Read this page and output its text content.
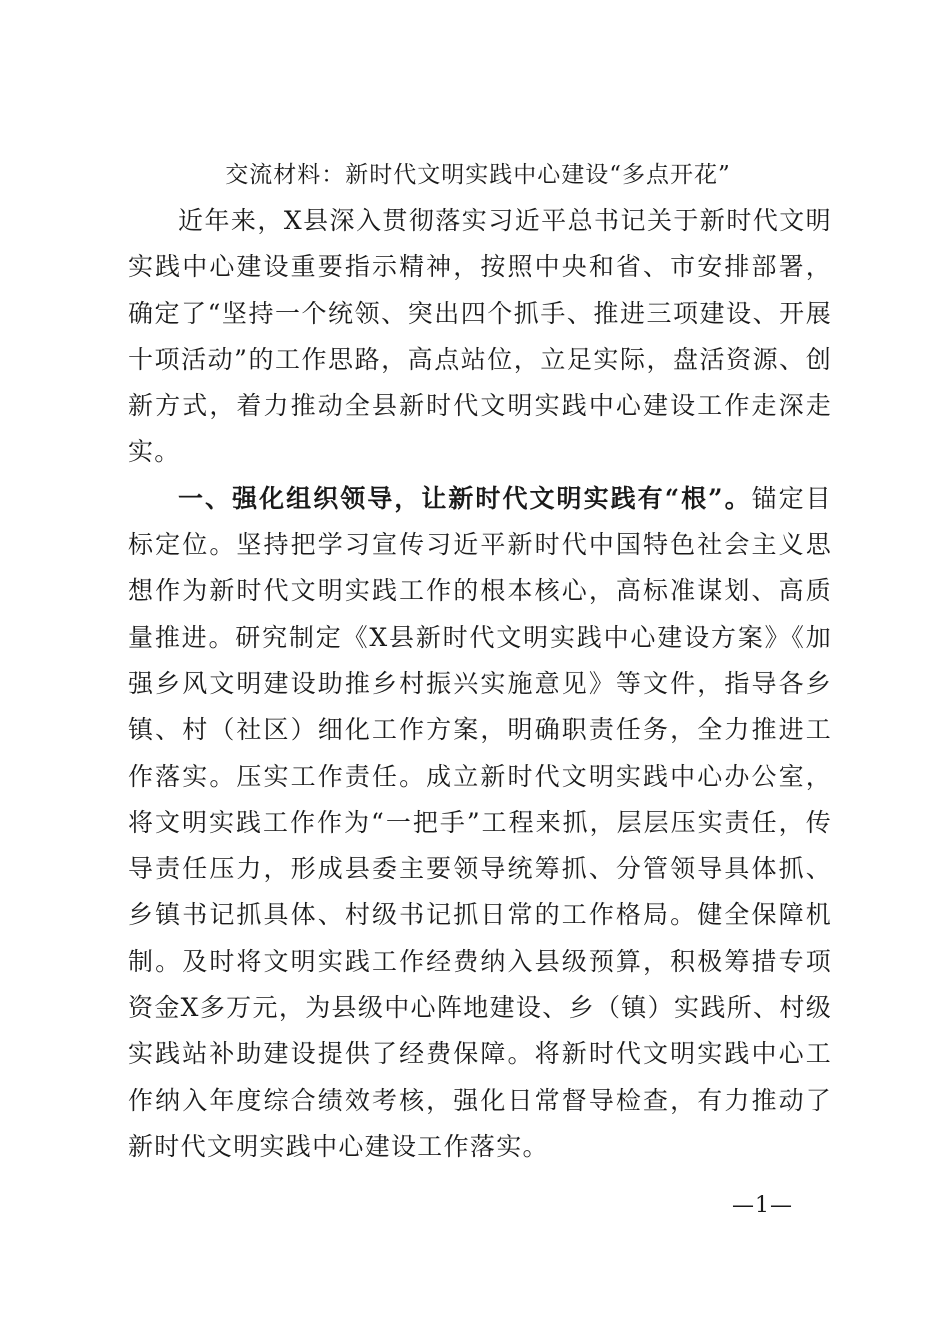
交流材料：新时代文明实践中心建设“多点开花”

近年来，X县深入贯彻落实习近平总书记关于新时代文明实践中心建设重要指示精神，按照中央和省、市安排部署，确定了“坚持一个统领、突出四个抓手、推进三项建设、开展十项活动”的工作思路，高点站位，立足实际，盘活资源、创新方式，着力推动全县新时代文明实践中心建设工作走深走实。

一、强化组织领导，让新时代文明实践有“根”。锚定目标定位。坚持把学习宣传习近平新时代中国特色社会主义思想作为新时代文明实践工作的根本核心，高标准谋划、高质量推进。研究制定《X县新时代文明实践中心建设方案》《加强乡风文明建设助推乡村振兴实施意见》等文件，指导各乡镇、村（社区）细化工作方案，明确职责任务，全力推进工作落实。压实工作责任。成立新时代文明实践中心办公室，将文明实践工作作为“一把手”工程来抓，层层压实责任，传导责任压力，形成县委主要领导统筹抓、分管领导具体抓、乡镇书记抓具体、村级书记抓日常的工作格局。健全保障机制。及时将文明实践工作经费纳入县级预算，积极筹措专项资金X多万元，为县级中心阵地建设、乡（镇）实践所、村级实践站补助建设提供了经费保障。将新时代文明实践中心工作纳入年度综合绩效考核，强化日常督导检查，有力推动了新时代文明实践中心建设工作落实。

—1—
